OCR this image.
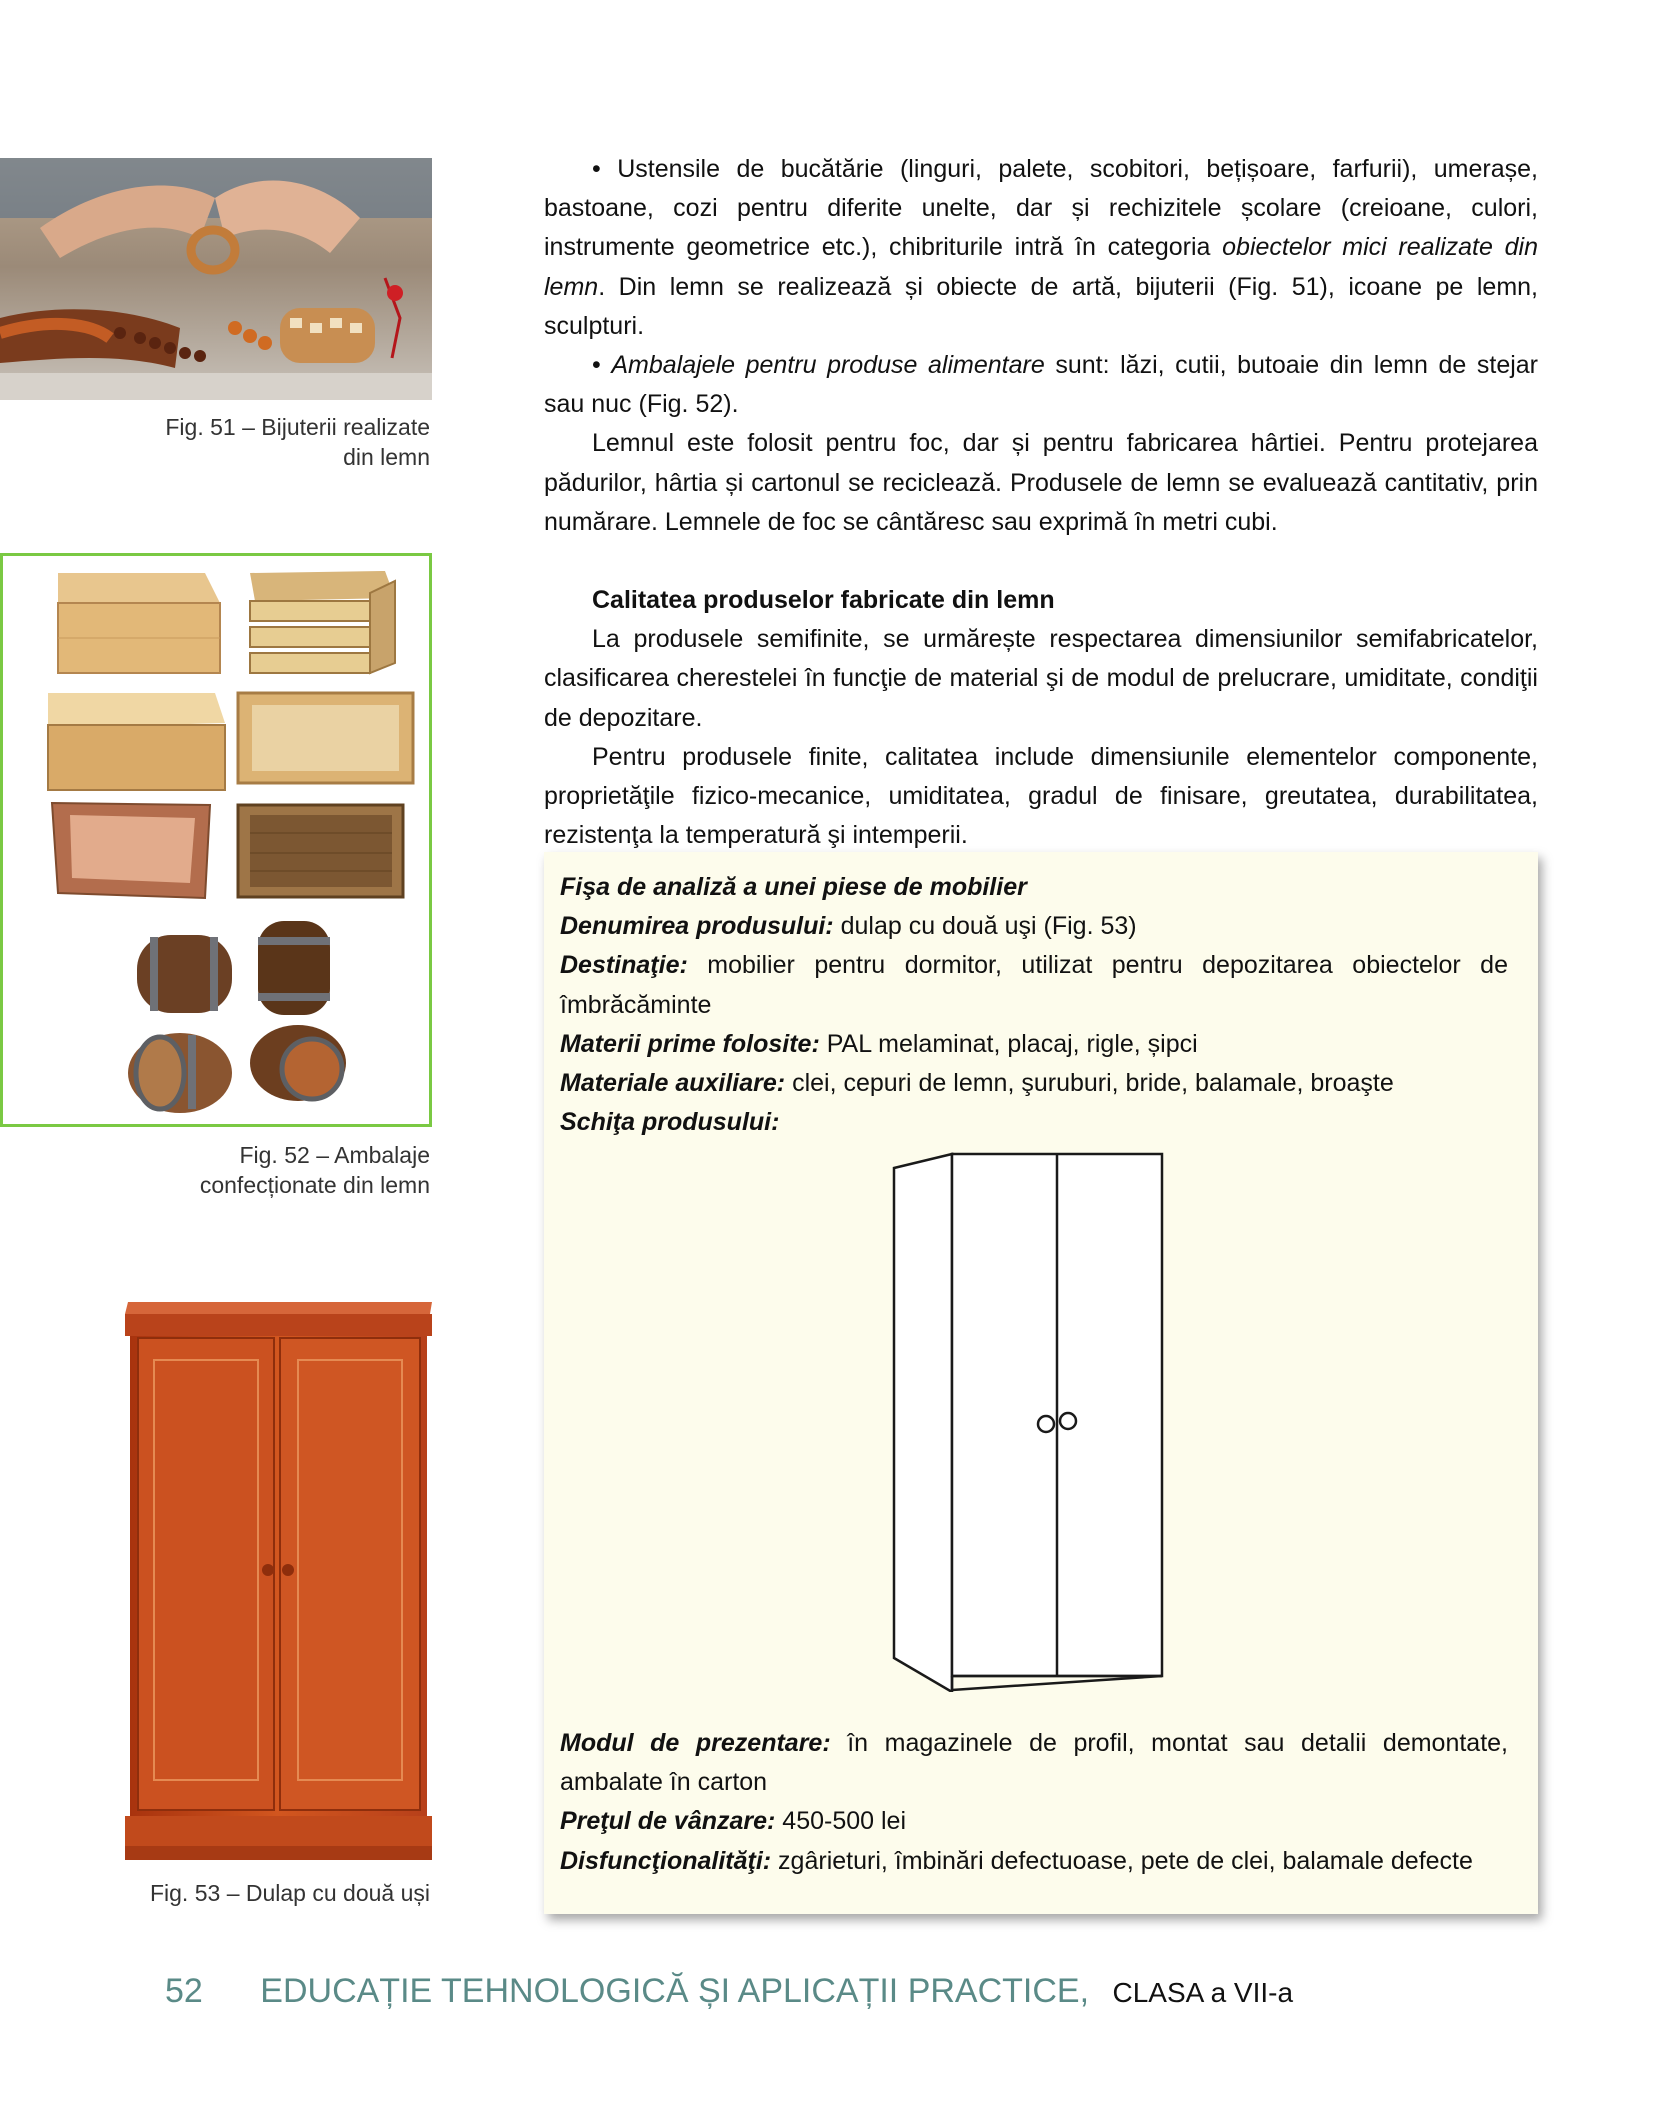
Fig. 51 – Bijuterii realizate
din lemn
Fig. 52 – Ambalaje
confecționate din lemn
Fig. 53 – Dulap cu două uși

• Ustensile de bucătărie (linguri, palete, scobitori, bețișoare, farfurii), umerașe, bastoane, cozi pentru diferite unelte, dar și rechizitele școlare (creioane, culori, instrumente geometrice etc.), chibriturile intră în categoria obiectelor mici realizate din lemn. Din lemn se realizează și obiecte de artă, bijuterii (Fig. 51), icoane pe lemn, sculpturi.

• Ambalajele pentru produse alimentare sunt: lăzi, cutii, butoaie din lemn de stejar sau nuc (Fig. 52).

Lemnul este folosit pentru foc, dar și pentru fabricarea hârtiei. Pentru protejarea pădurilor, hârtia și cartonul se reciclează. Produsele de lemn se evaluează cantitativ, prin numărare. Lemnele de foc se cântăresc sau exprimă în metri cubi.

Calitatea produselor fabricate din lemn

La produsele semifinite, se urmărește respectarea dimensiunilor semifabricatelor, clasificarea cherestelei în funcţie de material şi de modul de prelucrare, umiditate, condiţii de depozitare.

Pentru produsele finite, calitatea include dimensiunile elementelor componente, proprietăţile fizico-mecanice, umiditatea, gradul de finisare, greutatea, durabilitatea, rezistenţa la temperatură şi intemperii.

Fişa de analiză a unei piese de mobilier

Denumirea produsului: dulap cu două uşi (Fig. 53)

Destinaţie: mobilier pentru dormitor, utilizat pentru depozitarea obiectelor de îmbrăcăminte

Materii prime folosite: PAL melaminat, placaj, rigle, șipci

Materiale auxiliare: clei, cepuri de lemn, şuruburi, bride, balamale, broaşte

Schiţa produsului:

Modul de prezentare: în magazinele de profil, montat sau detalii demontate, ambalate în carton

Preţul de vânzare: 450-500 lei

Disfuncţionalităţi: zgârieturi, îmbinări defectuoase, pete de clei, balamale defecte

52 EDUCAȚIE TEHNOLOGICĂ ȘI APLICAȚII PRACTICE, CLASA a VII-a
